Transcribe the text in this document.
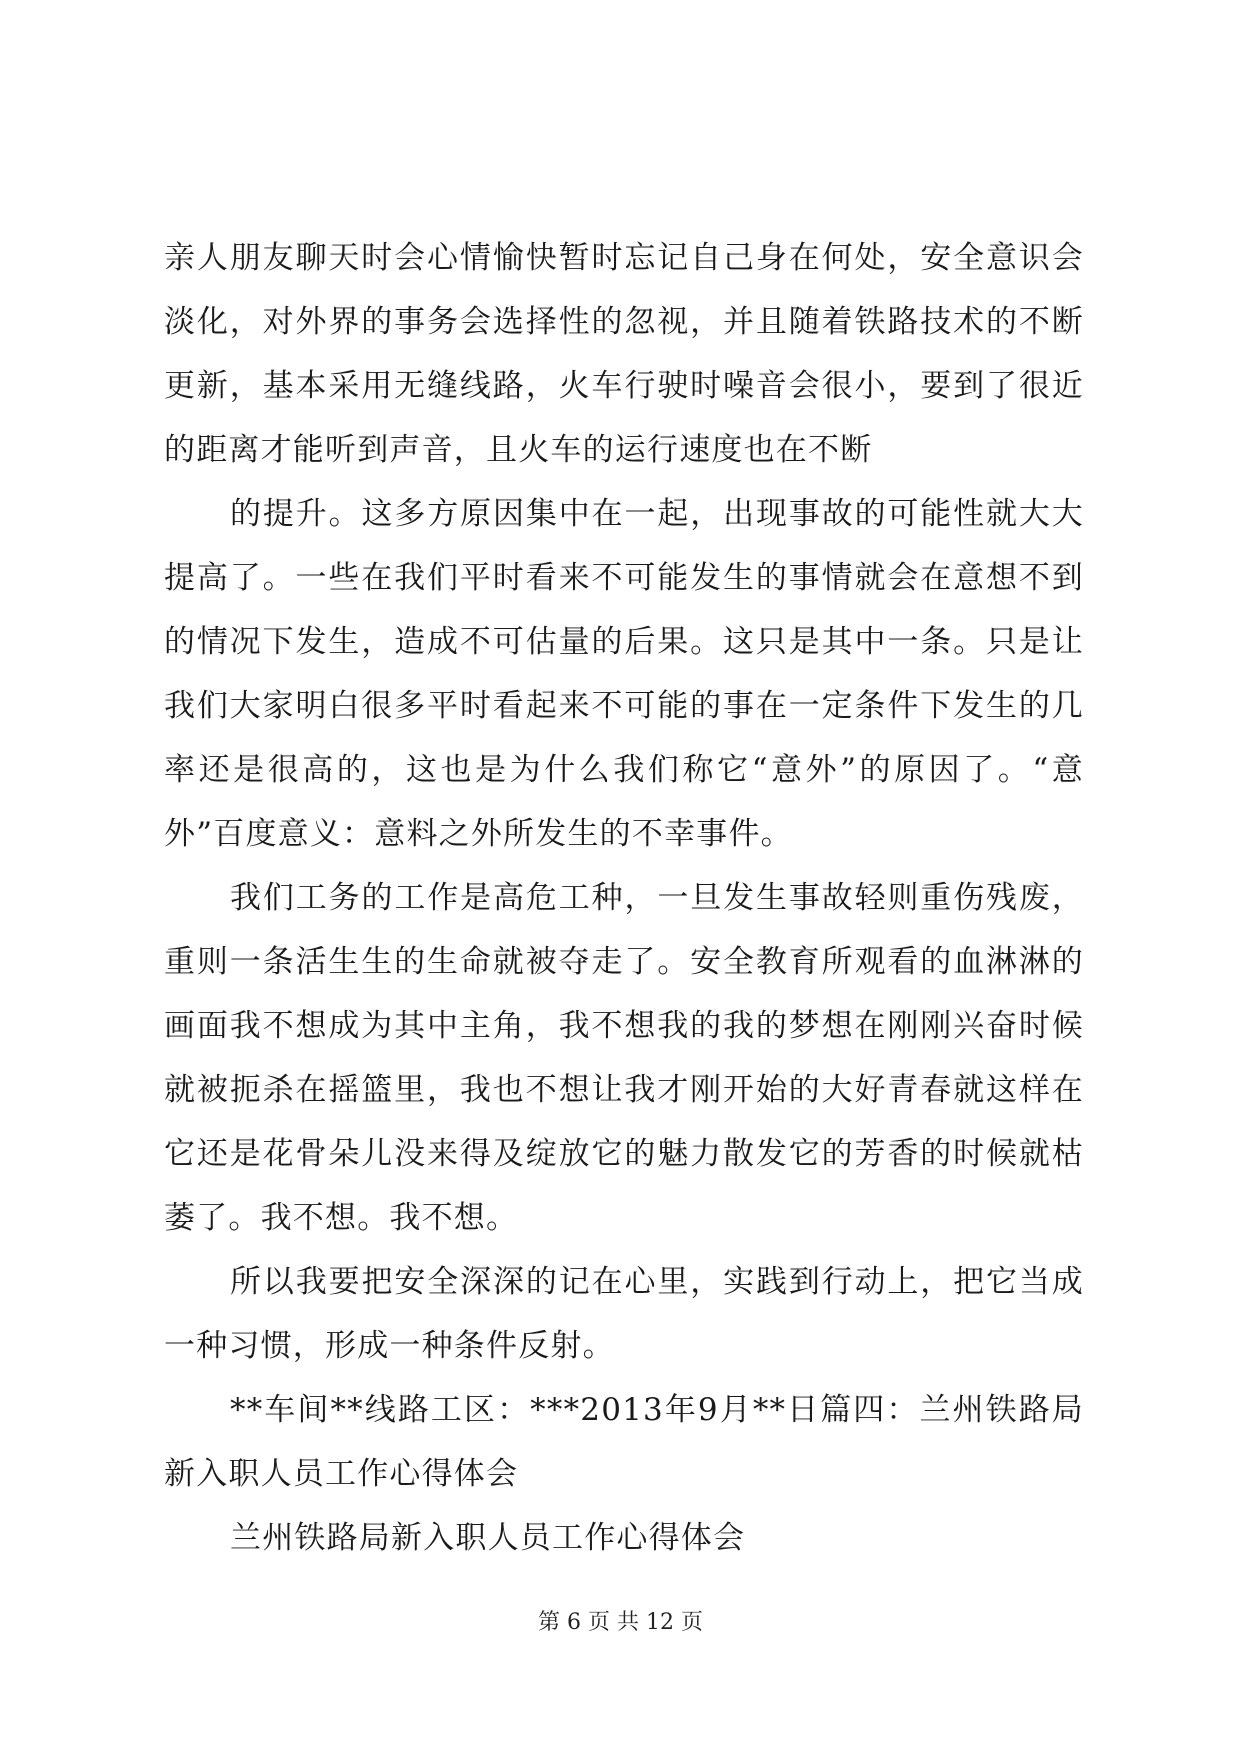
亲人朋友聊天时会心情愉快暂时忘记自己身在何处，安全意识会淡化，对外界的事务会选择性的忽视，并且随着铁路技术的不断更新，基本采用无缝线路，火车行驶时噪音会很小，要到了很近的距离才能听到声音，且火车的运行速度也在不断

的提升。这多方原因集中在一起，出现事故的可能性就大大提高了。一些在我们平时看来不可能发生的事情就会在意想不到的情况下发生，造成不可估量的后果。这只是其中一条。只是让我们大家明白很多平时看起来不可能的事在一定条件下发生的几率还是很高的，这也是为什么我们称它“意外”的原因了。“意外”百度意义：意料之外所发生的不幸事件。

我们工务的工作是高危工种，一旦发生事故轻则重伤残废，重则一条活生生的生命就被夺走了。安全教育所观看的血淋淋的画面我不想成为其中主角，我不想我的我的梦想在刚刚兴奋时候就被扼杀在摇篮里，我也不想让我才刚开始的大好青春就这样在它还是花骨朵儿没来得及绽放它的魅力散发它的芳香的时候就枯萎了。我不想。我不想。

所以我要把安全深深的记在心里，实践到行动上，把它当成一种习惯，形成一种条件反射。

**车间**线路工区：***2013年9月**日篇四：兰州铁路局新入职人员工作心得体会

兰州铁路局新入职人员工作心得体会

第 6 页 共 12 页
